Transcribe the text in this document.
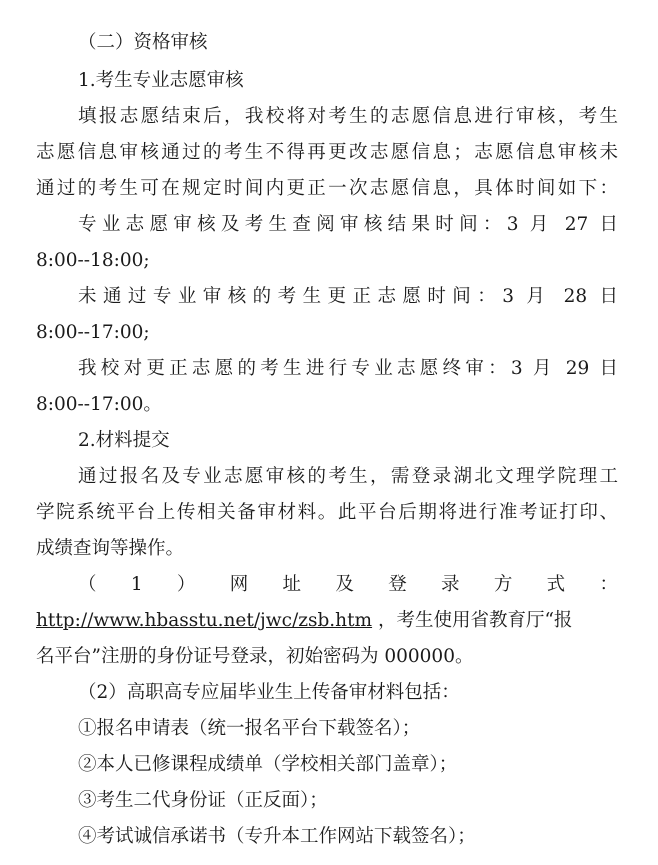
（二）资格审核
1.考生专业志愿审核
填报志愿结束后，我校将对考生的志愿信息进行审核，考生
志愿信息审核通过的考生不得再更改志愿信息；志愿信息审核未
通过的考生可在规定时间内更正一次志愿信息，具体时间如下：
专业志愿审核及考生查阅审核结果时间：3 月 27 日
8:00--18:00;
未通过专业审核的考生更正志愿时间：3 月 28 日
8:00--17:00;
我校对更正志愿的考生进行专业志愿终审：3 月 29 日
8:00--17:00。
2.材料提交
通过报名及专业志愿审核的考生，需登录湖北文理学院理工
学院系统平台上传相关备审材料。此平台后期将进行准考证打印、
成绩查询等操作。
（1）网址及登录方式：
http://www.hbasstu.net/jwc/zsb.htm ，考生使用省教育厅“报
名平台”注册的身份证号登录，初始密码为 000000。
（2）高职高专应届毕业生上传备审材料包括：
①报名申请表（统一报名平台下载签名）；
②本人已修课程成绩单（学校相关部门盖章）；
③考生二代身份证（正反面）；
④考试诚信承诺书（专升本工作网站下载签名）；
